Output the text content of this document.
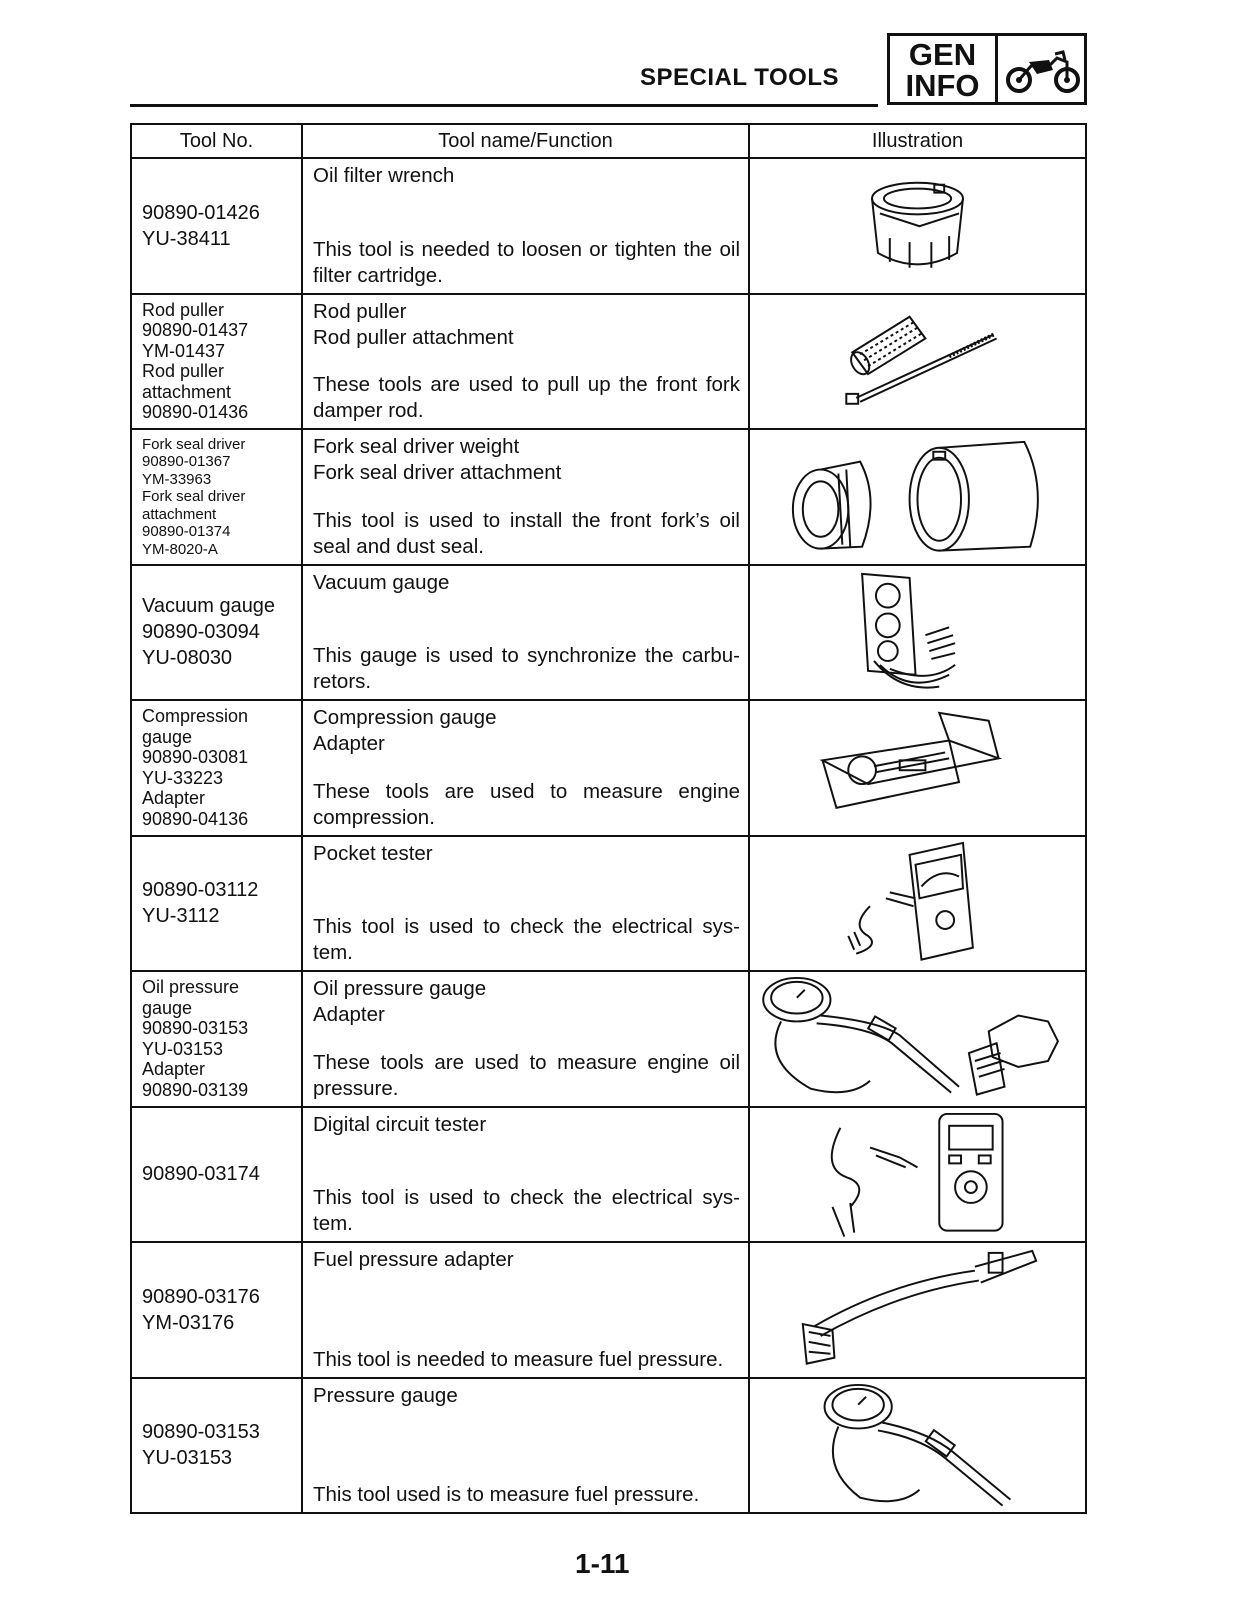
SPECIAL TOOLS
GEN
INFO
Tool No.	Tool name/Function	Illustration
90890-01426
YU-38411
Oil filter wrench
This tool is needed to loosen or tighten the oil filter cartridge.
Rod puller
90890-01437
YM-01437
Rod puller
attachment
90890-01436
Rod puller
Rod puller attachment
These tools are used to pull up the front fork damper rod.
Fork seal driver
90890-01367
YM-33963
Fork seal driver
attachment
90890-01374
YM-8020-A
Fork seal driver weight
Fork seal driver attachment
This tool is used to install the front fork’s oil seal and dust seal.
Vacuum gauge
90890-03094
YU-08030
Vacuum gauge
This gauge is used to synchronize the carbu-retors.
Compression
gauge
90890-03081
YU-33223
Adapter
90890-04136
Compression gauge
Adapter
These tools are used to measure engine compression.
90890-03112
YU-3112
Pocket tester
This tool is used to check the electrical sys-tem.
Oil pressure
gauge
90890-03153
YU-03153
Adapter
90890-03139
Oil pressure gauge
Adapter
These tools are used to measure engine oil pressure.
90890-03174
Digital circuit tester
This tool is used to check the electrical sys-tem.
90890-03176
YM-03176
Fuel pressure adapter
This tool is needed to measure fuel pressure.
90890-03153
YU-03153
Pressure gauge
This tool used is to measure fuel pressure.
1-11
